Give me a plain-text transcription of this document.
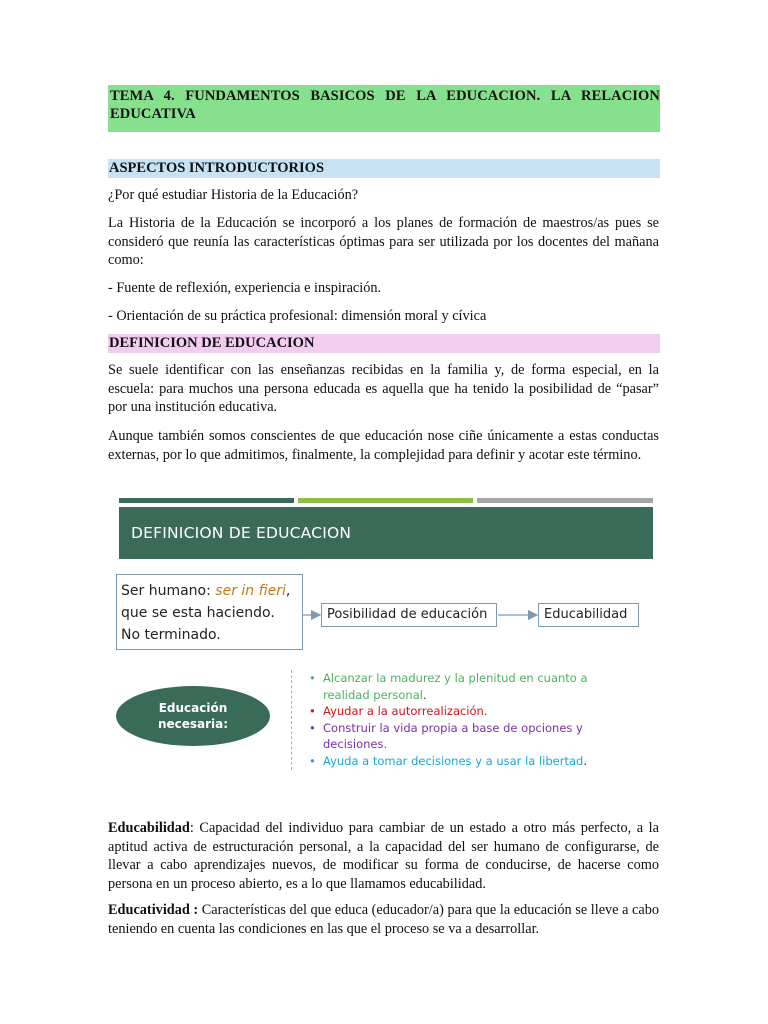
TEMA 4. FUNDAMENTOS BASICOS DE LA EDUCACION. LA RELACION EDUCATIVA
ASPECTOS INTRODUCTORIOS

¿Por qué estudiar Historia de la Educación?

La Historia de la Educación se incorporó a los planes de formación de maestros/as pues se consideró que reunía las características óptimas para ser utilizada por los docentes del mañana como:

- Fuente de reflexión, experiencia e inspiración.

- Orientación de su práctica profesional: dimensión moral y cívica

DEFINICION DE EDUCACION

Se suele identificar con las enseñanzas recibidas en la familia y, de forma especial, en la escuela: para muchos una persona educada es aquella que ha tenido la posibilidad de “pasar” por una institución educativa.

Aunque también somos conscientes de que educación nose ciñe únicamente a estas conductas externas, por lo que admitimos, finalmente, la complejidad para definir y acotar este término.

DEFINICION DE EDUCACION
Ser humano: ser in fieri,
que se esta haciendo.
No terminado.
Posibilidad de educación	Educabilidad
Educación
necesaria:
• Alcanzar la madurez y la plenitud en cuanto a realidad personal.
• Ayudar a la autorrealización.
• Construir la vida propia a base de opciones y decisiones.
• Ayuda a tomar decisiones y a usar la libertad.

Educabilidad: Capacidad del individuo para cambiar de un estado a otro más perfecto, a la aptitud activa de estructuración personal, a la capacidad del ser humano de configurarse, de llevar a cabo aprendizajes nuevos, de modificar su forma de conducirse, de hacerse como persona en un proceso abierto, es a lo que llamamos educabilidad.

Educatividad : Características del que educa (educador/a) para que la educación se lleve a cabo teniendo en cuenta las condiciones en las que el proceso se va a desarrollar.
